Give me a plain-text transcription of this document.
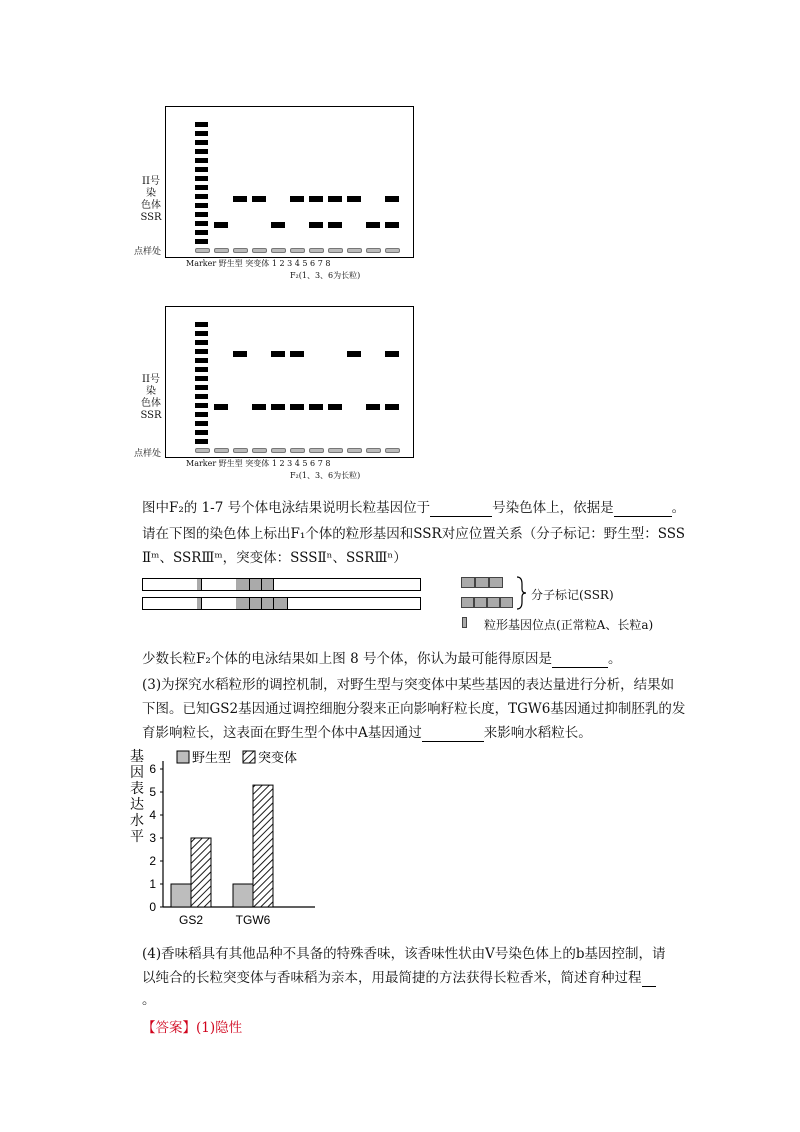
II号染
色体
SSR
点样处
Marker 野生型 突变体 1 2 3 4 5 6 7 8
F₂(1、3、6为长粒)
II号染
色体
SSR
点样处
Marker 野生型 突变体 1 2 3 4 5 6 7 8
F₂(1、3、6为长粒)

图中F₂的 1-7 号个体电泳结果说明长粒基因位于	号染色体上，依据是	。

请在下图的染色体上标出F₁个体的粒形基因和SSR对应位置关系（分子标记：野生型：SSS

Ⅱᵐ、SSRⅢᵐ，突变体：SSSⅡⁿ、SSRⅢⁿ）

分子标记(SSR)
粒形基因位点(正常粒A、长粒a)

少数长粒F₂个体的电泳结果如上图 8 号个体，你认为最可能得原因是	。

(3)为探究水稻粒形的调控机制，对野生型与突变体中某些基因的表达量进行分析，结果如

下图。已知GS2基因通过调控细胞分裂来正向影响籽粒长度，TGW6基因通过抑制胚乳的发

育影响粒长，这表面在野生型个体中A基因通过	来影响水稻粒长。

基
因
表
达
水
平
0
1
2
3
4
5
6
GS2	TGW6
野生型 突变体

(4)香味稻具有其他品种不具备的特殊香味，该香味性状由Ⅴ号染色体上的b基因控制，请

以纯合的长粒突变体与香味稻为亲本，用最简捷的方法获得长粒香米，简述育种过程

。

【答案】(1)隐性
